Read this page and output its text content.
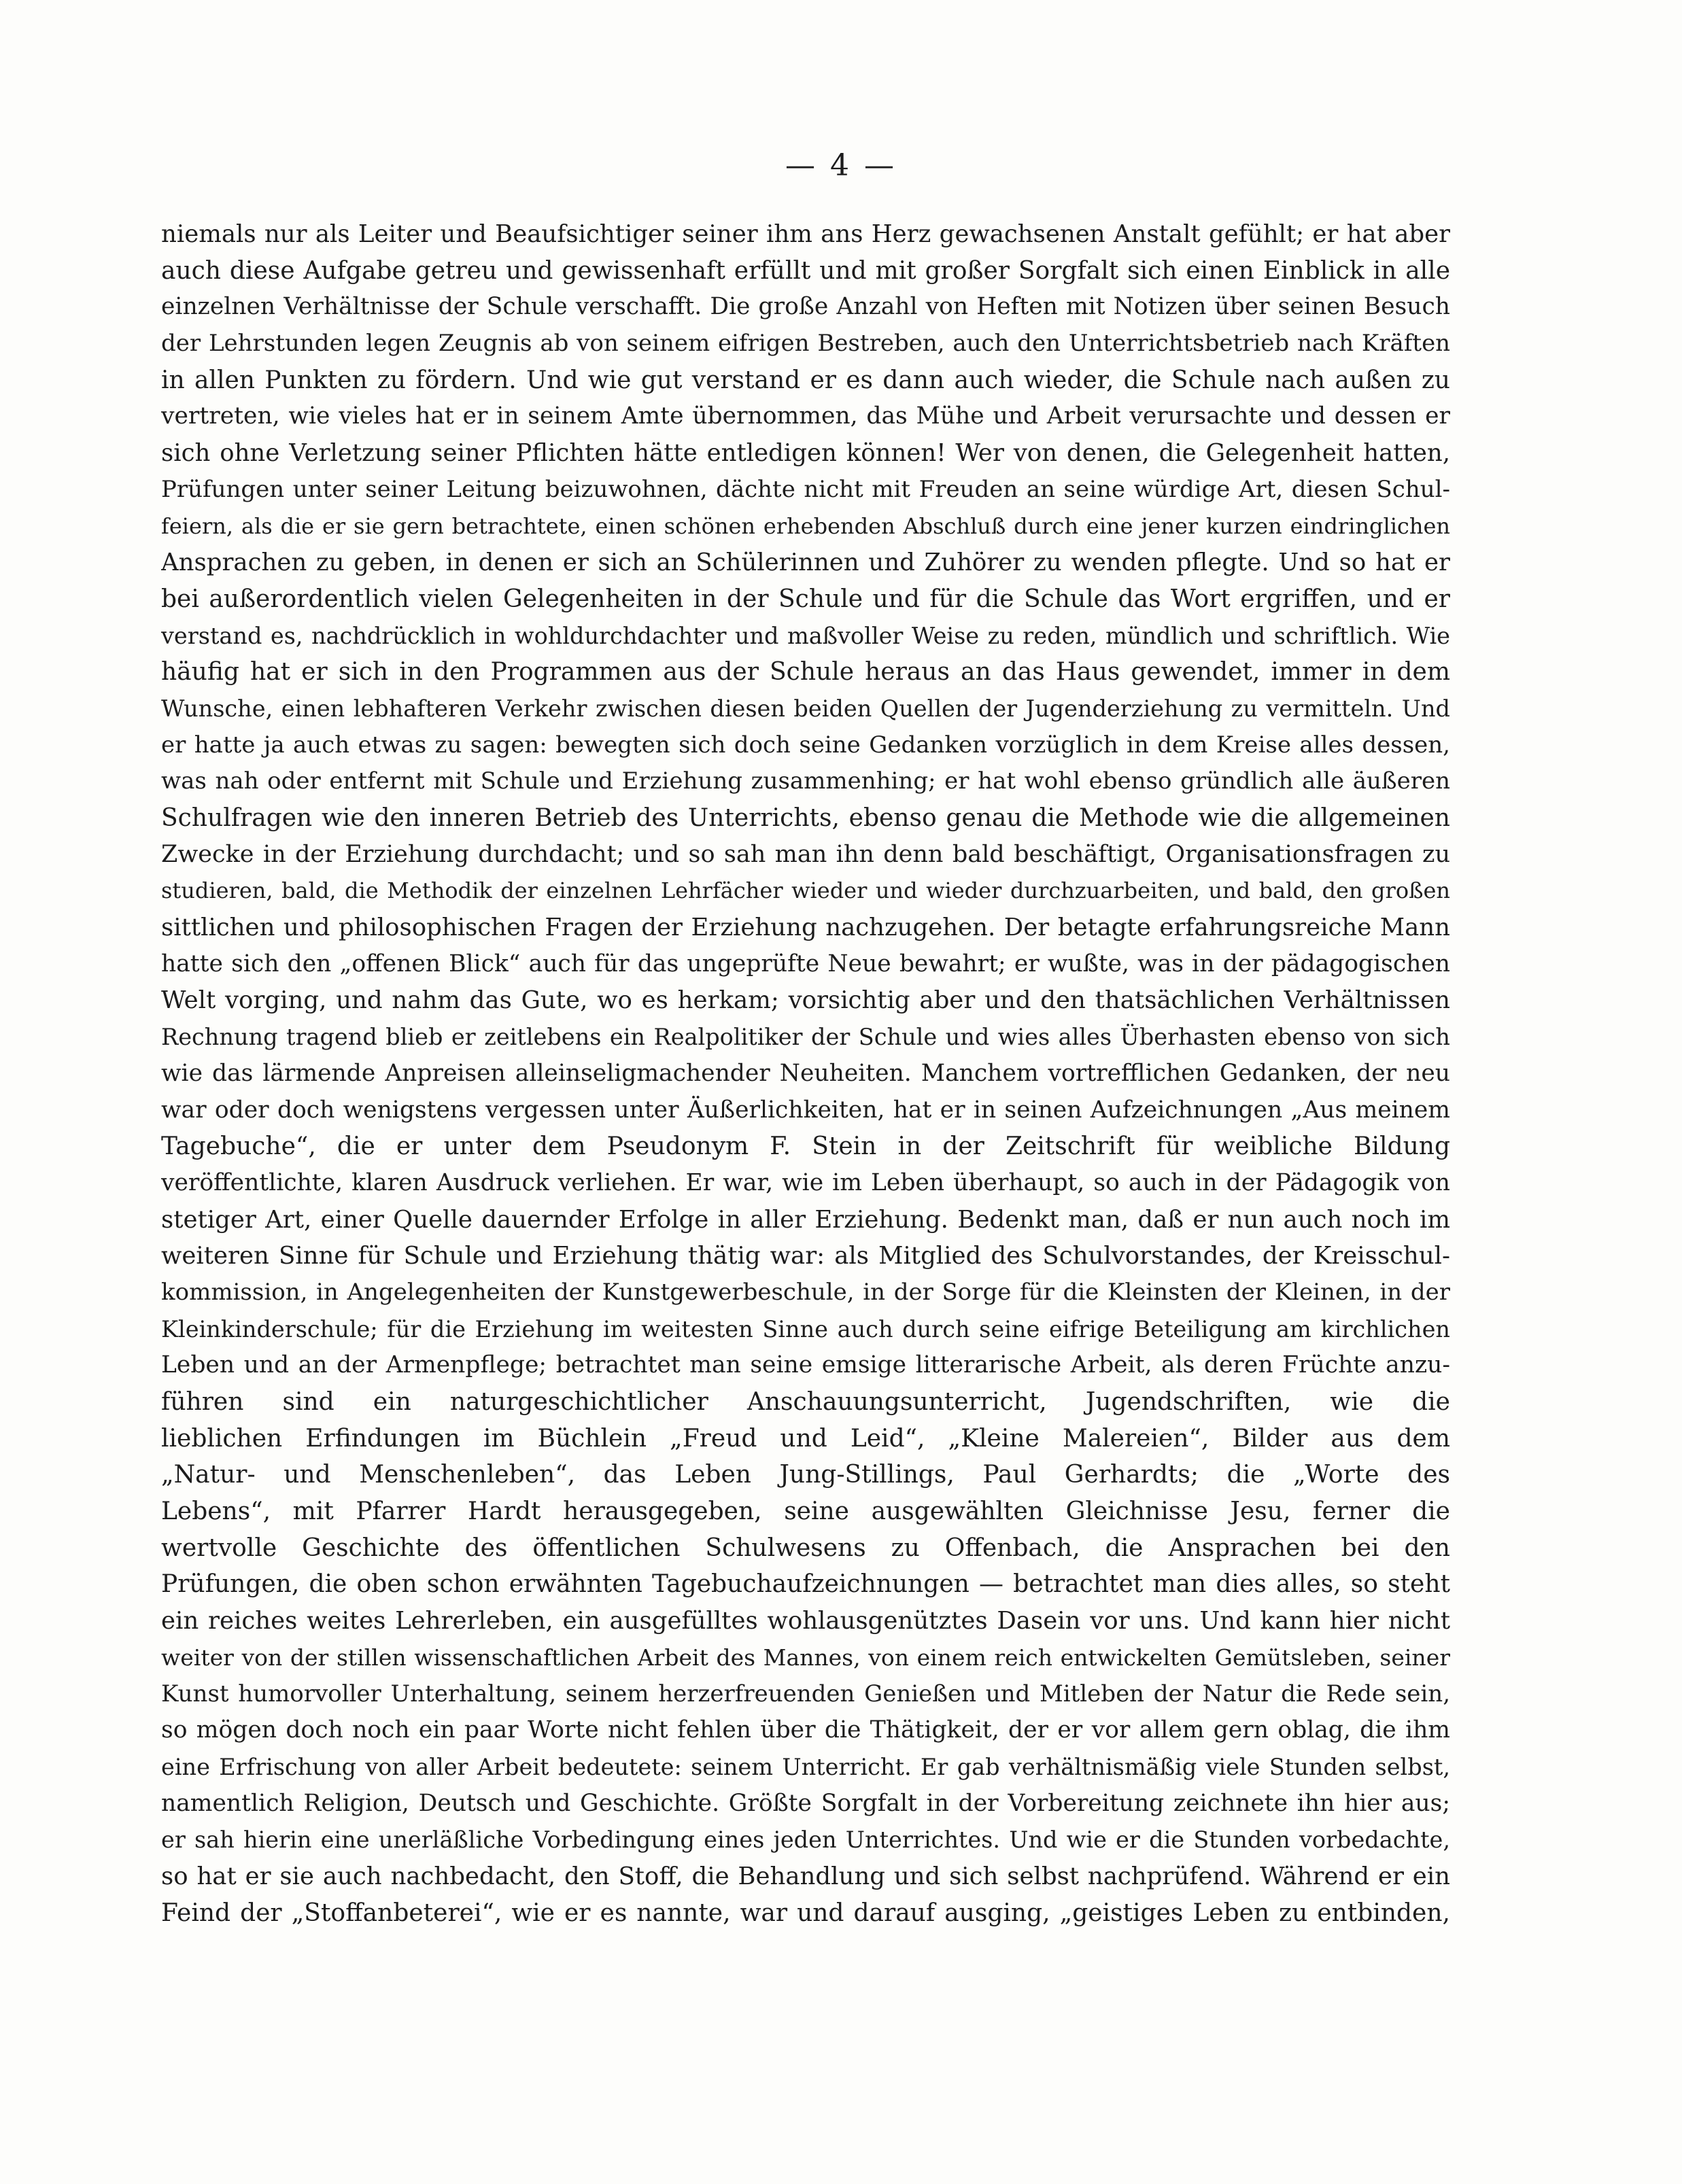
— 4 —
niemals nur als Leiter und Beaufsichtiger seiner ihm ans Herz gewachsenen Anstalt gefühlt; er hat aber
auch diese Aufgabe getreu und gewissenhaft erfüllt und mit großer Sorgfalt sich einen Einblick in alle
einzelnen Verhältnisse der Schule verschafft. Die große Anzahl von Heften mit Notizen über seinen Besuch
der Lehrstunden legen Zeugnis ab von seinem eifrigen Bestreben, auch den Unterrichtsbetrieb nach Kräften
in allen Punkten zu fördern. Und wie gut verstand er es dann auch wieder, die Schule nach außen zu
vertreten, wie vieles hat er in seinem Amte übernommen, das Mühe und Arbeit verursachte und dessen er
sich ohne Verletzung seiner Pflichten hätte entledigen können! Wer von denen, die Gelegenheit hatten,
Prüfungen unter seiner Leitung beizuwohnen, dächte nicht mit Freuden an seine würdige Art, diesen Schul-
feiern, als die er sie gern betrachtete, einen schönen erhebenden Abschluß durch eine jener kurzen eindringlichen
Ansprachen zu geben, in denen er sich an Schülerinnen und Zuhörer zu wenden pflegte. Und so hat er
bei außerordentlich vielen Gelegenheiten in der Schule und für die Schule das Wort ergriffen, und er
verstand es, nachdrücklich in wohldurchdachter und maßvoller Weise zu reden, mündlich und schriftlich. Wie
häufig hat er sich in den Programmen aus der Schule heraus an das Haus gewendet, immer in dem
Wunsche, einen lebhafteren Verkehr zwischen diesen beiden Quellen der Jugenderziehung zu vermitteln. Und
er hatte ja auch etwas zu sagen: bewegten sich doch seine Gedanken vorzüglich in dem Kreise alles dessen,
was nah oder entfernt mit Schule und Erziehung zusammenhing; er hat wohl ebenso gründlich alle äußeren
Schulfragen wie den inneren Betrieb des Unterrichts, ebenso genau die Methode wie die allgemeinen
Zwecke in der Erziehung durchdacht; und so sah man ihn denn bald beschäftigt, Organisationsfragen zu
studieren, bald, die Methodik der einzelnen Lehrfächer wieder und wieder durchzuarbeiten, und bald, den großen
sittlichen und philosophischen Fragen der Erziehung nachzugehen. Der betagte erfahrungsreiche Mann
hatte sich den „offenen Blick“ auch für das ungeprüfte Neue bewahrt; er wußte, was in der pädagogischen
Welt vorging, und nahm das Gute, wo es herkam; vorsichtig aber und den thatsächlichen Verhältnissen
Rechnung tragend blieb er zeitlebens ein Realpolitiker der Schule und wies alles Überhasten ebenso von sich
wie das lärmende Anpreisen alleinseligmachender Neuheiten. Manchem vortrefflichen Gedanken, der neu
war oder doch wenigstens vergessen unter Äußerlichkeiten, hat er in seinen Aufzeichnungen „Aus meinem
Tagebuche“, die er unter dem Pseudonym F. Stein in der Zeitschrift für weibliche Bildung
veröffentlichte, klaren Ausdruck verliehen. Er war, wie im Leben überhaupt, so auch in der Pädagogik von
stetiger Art, einer Quelle dauernder Erfolge in aller Erziehung. Bedenkt man, daß er nun auch noch im
weiteren Sinne für Schule und Erziehung thätig war: als Mitglied des Schulvorstandes, der Kreisschul-
kommission, in Angelegenheiten der Kunstgewerbeschule, in der Sorge für die Kleinsten der Kleinen, in der
Kleinkinderschule; für die Erziehung im weitesten Sinne auch durch seine eifrige Beteiligung am kirchlichen
Leben und an der Armenpflege; betrachtet man seine emsige litterarische Arbeit, als deren Früchte anzu-
führen sind ein naturgeschichtlicher Anschauungsunterricht, Jugendschriften, wie die
lieblichen Erfindungen im Büchlein „Freud und Leid“, „Kleine Malereien“, Bilder aus dem
„Natur- und Menschenleben“, das Leben Jung-Stillings, Paul Gerhardts; die „Worte des
Lebens“, mit Pfarrer Hardt herausgegeben, seine ausgewählten Gleichnisse Jesu, ferner die
wertvolle Geschichte des öffentlichen Schulwesens zu Offenbach, die Ansprachen bei den
Prüfungen, die oben schon erwähnten Tagebuchaufzeichnungen — betrachtet man dies alles, so steht
ein reiches weites Lehrerleben, ein ausgefülltes wohlausgenütztes Dasein vor uns. Und kann hier nicht
weiter von der stillen wissenschaftlichen Arbeit des Mannes, von einem reich entwickelten Gemütsleben, seiner
Kunst humorvoller Unterhaltung, seinem herzerfreuenden Genießen und Mitleben der Natur die Rede sein,
so mögen doch noch ein paar Worte nicht fehlen über die Thätigkeit, der er vor allem gern oblag, die ihm
eine Erfrischung von aller Arbeit bedeutete: seinem Unterricht. Er gab verhältnismäßig viele Stunden selbst,
namentlich Religion, Deutsch und Geschichte. Größte Sorgfalt in der Vorbereitung zeichnete ihn hier aus;
er sah hierin eine unerläßliche Vorbedingung eines jeden Unterrichtes. Und wie er die Stunden vorbedachte,
so hat er sie auch nachbedacht, den Stoff, die Behandlung und sich selbst nachprüfend. Während er ein
Feind der „Stoffanbeterei“, wie er es nannte, war und darauf ausging, „geistiges Leben zu entbinden,
